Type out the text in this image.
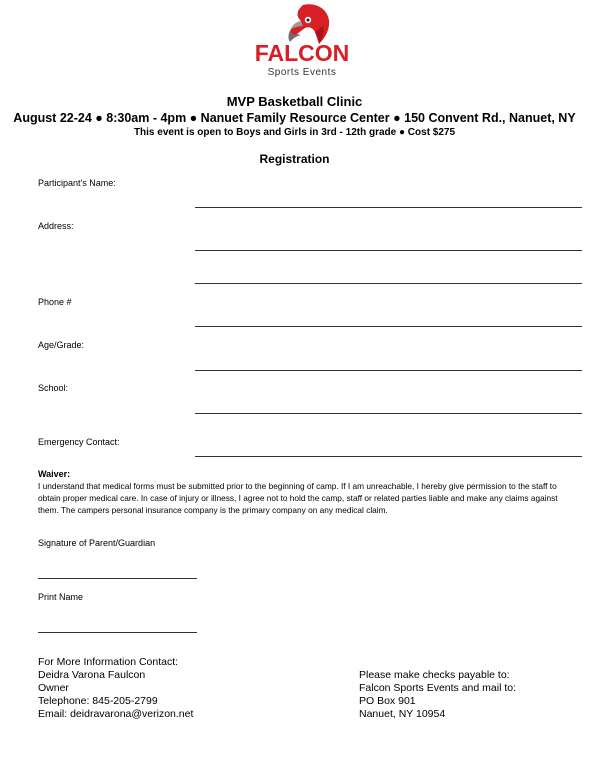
FALCON
Sports Events
MVP Basketball Clinic
August 22-24 ● 8:30am - 4pm ● Nanuet Family Resource Center ● 150 Convent Rd., Nanuet, NY
This event is open to Boys and Girls in 3rd - 12th grade ● Cost $275
Registration
Participant's Name:
Address:
Phone #
Age/Grade:
School:
Emergency Contact:
Waiver:
I understand that medical forms must be submitted prior to the beginning of camp. If I am unreachable, I hereby give permission to the staff to obtain proper medical care. In case of injury or illness, I agree not to hold the camp, staff or related parties liable and make any claims against them. The campers personal insurance company is the primary company on any medical claim.
Signature of Parent/Guardian
Print Name
For More Information Contact:
Deidra Varona Faulcon
Owner
Telephone: 845-205-2799
Email: deidravarona@verizon.net
Please make checks payable to:
Falcon Sports Events and mail to:
PO Box 901
Nanuet, NY 10954
